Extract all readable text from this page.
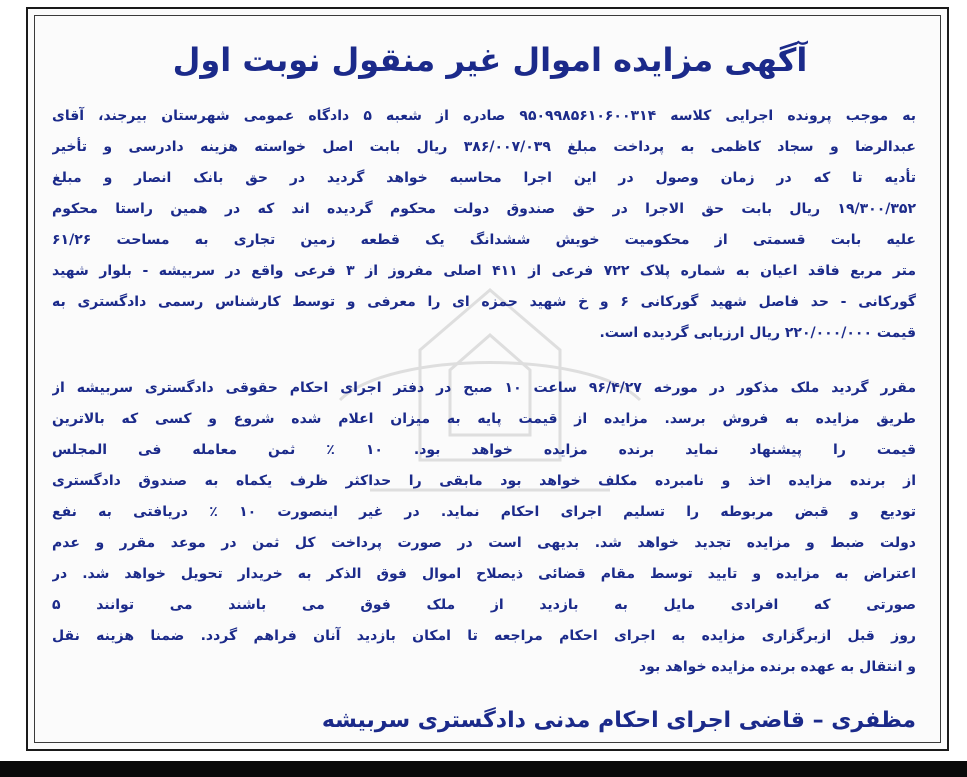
آگهی مزایده اموال غیر منقول نوبت اول
به موجب پرونده اجرایی کلاسه ۹۵۰۹۹۸۵۶۱۰۶۰۰۳۱۴ صادره از شعبه ۵ دادگاه عمومی شهرستان بیرجند، آقای
عبدالرضا و سجاد کاظمی به پرداخت مبلغ ۳۸۶/۰۰۷/۰۳۹ ریال بابت اصل خواسته هزینه دادرسی و تأخیر
تأدیه تا که در زمان وصول در این اجرا محاسبه خواهد گردید در حق بانک انصار و مبلغ
۱۹/۳۰۰/۳۵۲ ریال بابت حق الاجرا در حق صندوق دولت محکوم گردیده اند که در همین راستا محکوم
علیه بابت قسمتی از محکومیت خویش ششدانگ یک قطعه زمین تجاری به مساحت ۶۱/۲۶
متر مربع فاقد اعیان به شماره پلاک ۷۲۲ فرعی از ۴۱۱ اصلی مفروز از ۳ فرعی واقع در سربیشه - بلوار شهید
گورکانی - حد فاصل شهید گورکانی ۶ و خ شهید حمزه ای را معرفی و توسط کارشناس رسمی دادگستری به
قیمت ۲۲۰/۰۰۰/۰۰۰ ریال ارزیابی گردیده است.
مقرر گردید ملک مذکور در مورخه ۹۶/۴/۲۷ ساعت ۱۰ صبح در دفتر اجرای احکام حقوقی دادگستری سربیشه از
طریق مزایده به فروش برسد. مزایده از قیمت پایه به میزان اعلام شده شروع و کسی که بالاترین
قیمت را پیشنهاد نماید برنده مزایده خواهد بود. ۱۰ ٪ ثمن معامله فی المجلس
از برنده مزایده اخذ و نامبرده مکلف خواهد بود مابقی را حداکثر ظرف یکماه به صندوق دادگستری
تودیع و قبض مربوطه را تسلیم اجرای احکام نماید. در غیر اینصورت ۱۰ ٪ دریافتی به نفع
دولت ضبط و مزایده تجدید خواهد شد. بدیهی است در صورت پرداخت کل ثمن در موعد مقرر و عدم
اعتراض به مزایده و تایید توسط مقام قضائی ذیصلاح اموال فوق الذکر به خریدار تحویل خواهد شد. در
صورتی که افرادی مایل به بازدید از ملک فوق می باشند می توانند ۵
روز قبل ازبرگزاری مزایده به اجرای احکام مراجعه تا امکان بازدید آنان فراهم گردد. ضمنا هزینه نقل
و انتقال به عهده برنده مزایده خواهد بود
مظفری – قاضی اجرای احکام مدنی دادگستری سربیشه
